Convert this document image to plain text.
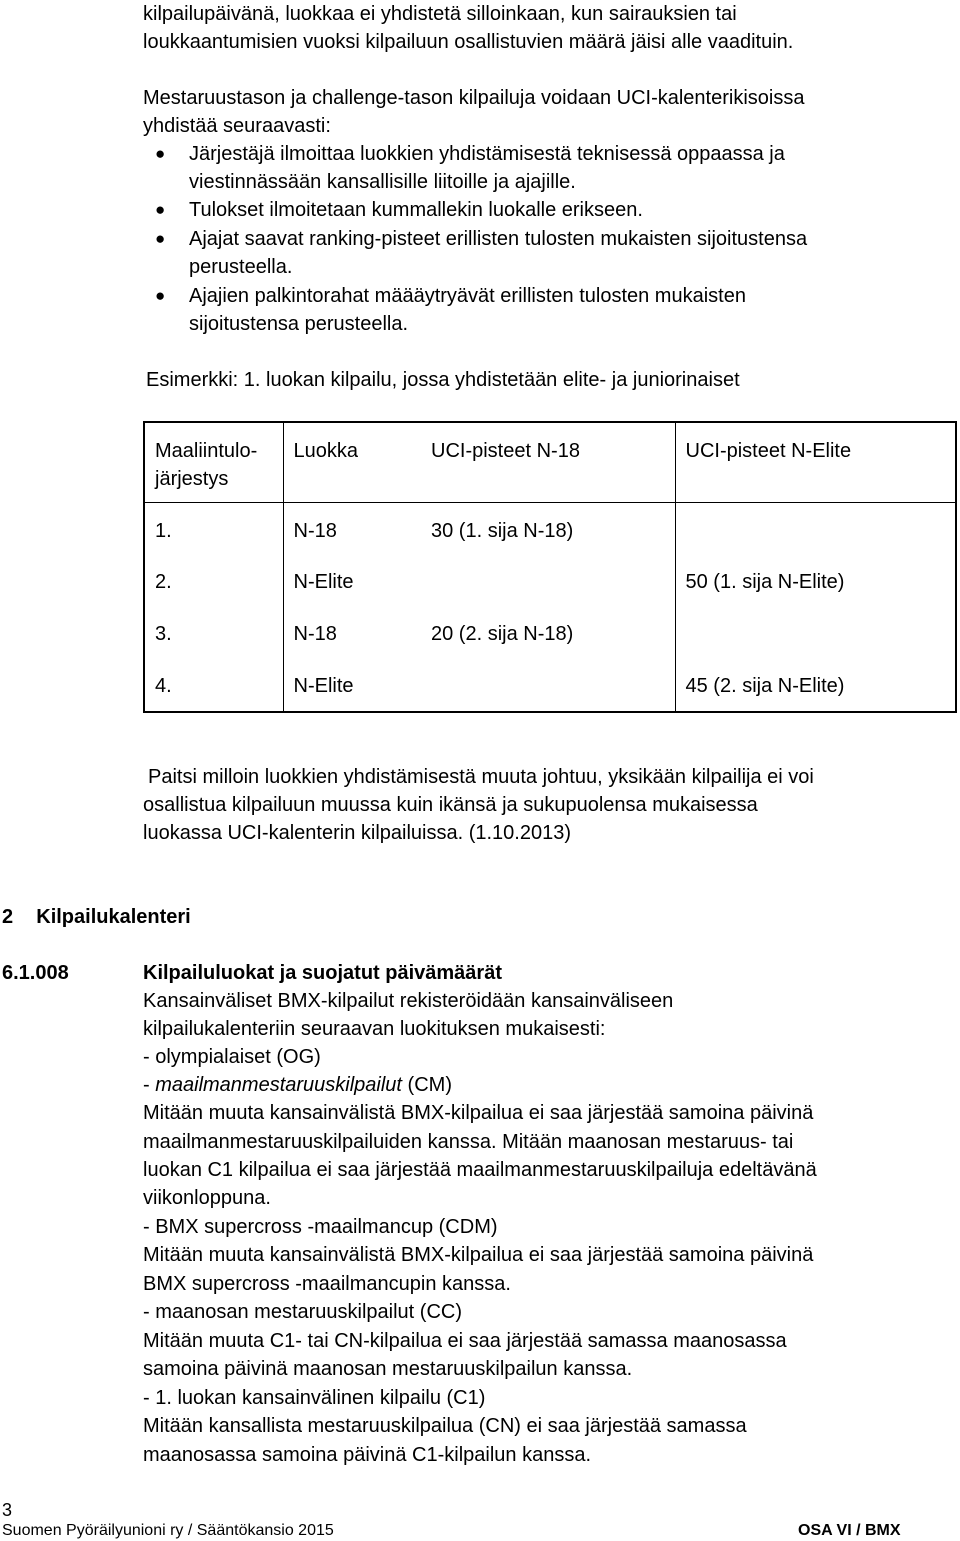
kilpailupäivänä, luokkaa ei yhdistetä silloinkaan, kun sairauksien tai
loukkaantumisien vuoksi kilpailuun osallistuvien määrä jäisi alle vaadituin.
Mestaruustason ja challenge-tason kilpailuja voidaan UCI-kalenterikisoissa
yhdistää seuraavasti:
● Järjestäjä ilmoittaa luokkien yhdistämisestä teknisessä oppaassa ja
viestinnässään kansallisille liitoille ja ajajille.
● Tulokset ilmoitetaan kummallekin luokalle erikseen.
● Ajajat saavat ranking-pisteet erillisten tulosten mukaisten sijoitustensa
perusteella.
● Ajajien palkintorahat määäytryävät erillisten tulosten mukaisten
sijoitustensa perusteella.
Esimerkki: 1. luokan kilpailu, jossa yhdistetään elite- ja juniorinaiset
Maaliintulo-
järjestys	Luokka	UCI-pisteet N-18	UCI-pisteet N-Elite
1.	N-18	30 (1. sija N-18)	
2.	N-Elite		50 (1. sija N-Elite)
3.	N-18	20 (2. sija N-18)	
4.	N-Elite		45 (2. sija N-Elite)
Paitsi milloin luokkien yhdistämisestä muuta johtuu, yksikään kilpailija ei voi
osallistua kilpailuun muussa kuin ikänsä ja sukupuolensa mukaisessa
luokassa UCI-kalenterin kilpailuissa. (1.10.2013)
2 Kilpailukalenteri
6.1.008	Kilpailuluokat ja suojatut päivämäärät
Kansainväliset BMX-kilpailut rekisteröidään kansainväliseen
kilpailukalenteriin seuraavan luokituksen mukaisesti:
- olympialaiset (OG)
- maailmanmestaruuskilpailut (CM)
Mitään muuta kansainvälistä BMX-kilpailua ei saa järjestää samoina päivinä
maailmanmestaruuskilpailuiden kanssa. Mitään maanosan mestaruus- tai
luokan C1 kilpailua ei saa järjestää maailmanmestaruuskilpailuja edeltävänä
viikonloppuna.
- BMX supercross -maailmancup (CDM)
Mitään muuta kansainvälistä BMX-kilpailua ei saa järjestää samoina päivinä
BMX supercross -maailmancupin kanssa.
- maanosan mestaruuskilpailut (CC)
Mitään muuta C1- tai CN-kilpailua ei saa järjestää samassa maanosassa
samoina päivinä maanosan mestaruuskilpailun kanssa.
- 1. luokan kansainvälinen kilpailu (C1)
Mitään kansallista mestaruuskilpailua (CN) ei saa järjestää samassa
maanosassa samoina päivinä C1-kilpailun kanssa.
3
Suomen Pyöräilyunioni ry / Sääntökansio 2015	OSA VI / BMX
